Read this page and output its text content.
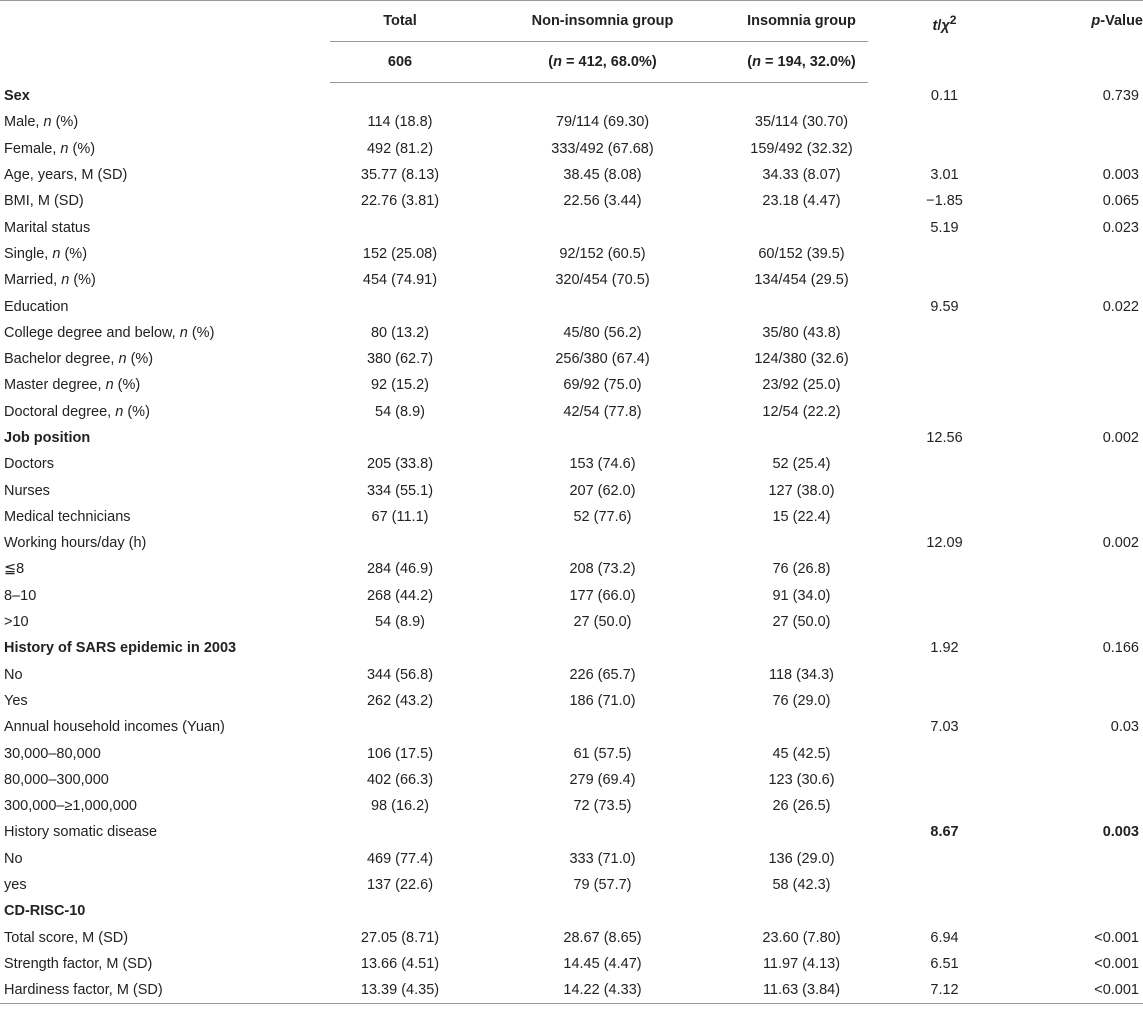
	Total	Non-insomnia group	Insomnia group	$t/\chi^2$	p-Value
	606	(n = 412, 68.0%)	(n = 194, 32.0%)		
Sex				0.11	0.739
Male, n (%)	114 (18.8)	79/114 (69.30)	35/114 (30.70)		
Female, n (%)	492 (81.2)	333/492 (67.68)	159/492 (32.32)		
Age, years, M (SD)	35.77 (8.13)	38.45 (8.08)	34.33 (8.07)	3.01	0.003
BMI, M (SD)	22.76 (3.81)	22.56 (3.44)	23.18 (4.47)	−1.85	0.065
Marital status				5.19	0.023
Single, n (%)	152 (25.08)	92/152 (60.5)	60/152 (39.5)		
Married, n (%)	454 (74.91)	320/454 (70.5)	134/454 (29.5)		
Education				9.59	0.022
College degree and below, n (%)	80 (13.2)	45/80 (56.2)	35/80 (43.8)		
Bachelor degree, n (%)	380 (62.7)	256/380 (67.4)	124/380 (32.6)		
Master degree, n (%)	92 (15.2)	69/92 (75.0)	23/92 (25.0)		
Doctoral degree, n (%)	54 (8.9)	42/54 (77.8)	12/54 (22.2)		
Job position				12.56	0.002
Doctors	205 (33.8)	153 (74.6)	52 (25.4)		
Nurses	334 (55.1)	207 (62.0)	127 (38.0)		
Medical technicians	67 (11.1)	52 (77.6)	15 (22.4)		
Working hours/day (h)				12.09	0.002
≦8	284 (46.9)	208 (73.2)	76 (26.8)		
8–10	268 (44.2)	177 (66.0)	91 (34.0)		
>10	54 (8.9)	27 (50.0)	27 (50.0)		
History of SARS epidemic in 2003				1.92	0.166
No	344 (56.8)	226 (65.7)	118 (34.3)		
Yes	262 (43.2)	186 (71.0)	76 (29.0)		
Annual household incomes (Yuan)				7.03	0.03
30,000–80,000	106 (17.5)	61 (57.5)	45 (42.5)		
80,000–300,000	402 (66.3)	279 (69.4)	123 (30.6)		
300,000–≥1,000,000	98 (16.2)	72 (73.5)	26 (26.5)		
History somatic disease				8.67	0.003
No	469 (77.4)	333 (71.0)	136 (29.0)		
yes	137 (22.6)	79 (57.7)	58 (42.3)		
CD-RISC-10					
Total score, M (SD)	27.05 (8.71)	28.67 (8.65)	23.60 (7.80)	6.94	<0.001
Strength factor, M (SD)	13.66 (4.51)	14.45 (4.47)	11.97 (4.13)	6.51	<0.001
Hardiness factor, M (SD)	13.39 (4.35)	14.22 (4.33)	11.63 (3.84)	7.12	<0.001
